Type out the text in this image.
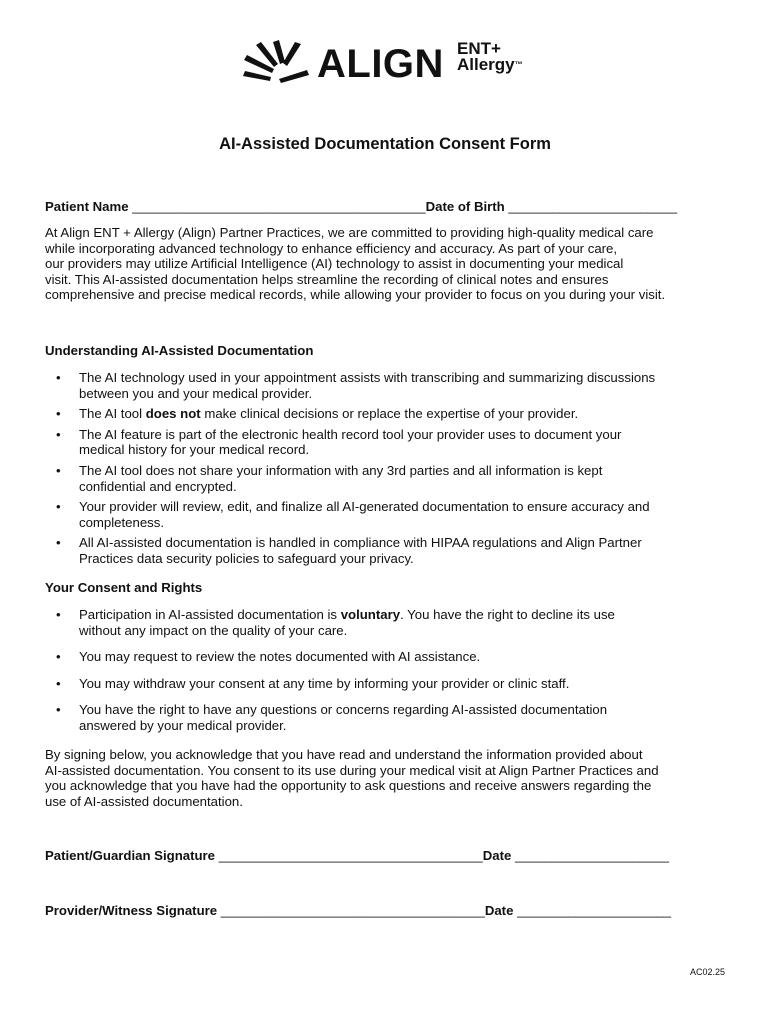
ALIGN ENT+
Allergy™
AI-Assisted Documentation Consent Form
Patient Name ________________________________________Date of Birth _______________________
At Align ENT + Allergy (Align) Partner Practices, we are committed to providing high-quality medical care
while incorporating advanced technology to enhance efficiency and accuracy. As part of your care,
our providers may utilize Artificial Intelligence (AI) technology to assist in documenting your medical
visit. This AI-assisted documentation helps streamline the recording of clinical notes and ensures
comprehensive and precise medical records, while allowing your provider to focus on you during your visit.
Understanding AI-Assisted Documentation
• The AI technology used in your appointment assists with transcribing and summarizing discussions
between you and your medical provider.
• The AI tool does not make clinical decisions or replace the expertise of your provider.
• The AI feature is part of the electronic health record tool your provider uses to document your
medical history for your medical record.
• The AI tool does not share your information with any 3rd parties and all information is kept
confidential and encrypted.
• Your provider will review, edit, and finalize all AI-generated documentation to ensure accuracy and
completeness.
• All AI-assisted documentation is handled in compliance with HIPAA regulations and Align Partner
Practices data security policies to safeguard your privacy.
Your Consent and Rights
• Participation in AI-assisted documentation is voluntary. You have the right to decline its use
without any impact on the quality of your care.
• You may request to review the notes documented with AI assistance.
• You may withdraw your consent at any time by informing your provider or clinic staff.
• You have the right to have any questions or concerns regarding AI-assisted documentation
answered by your medical provider.
By signing below, you acknowledge that you have read and understand the information provided about
AI-assisted documentation. You consent to its use during your medical visit at Align Partner Practices and
you acknowledge that you have had the opportunity to ask questions and receive answers regarding the
use of AI-assisted documentation.
Patient/Guardian Signature ____________________________________Date _____________________
Provider/Witness Signature ____________________________________Date _____________________
AC02.25
